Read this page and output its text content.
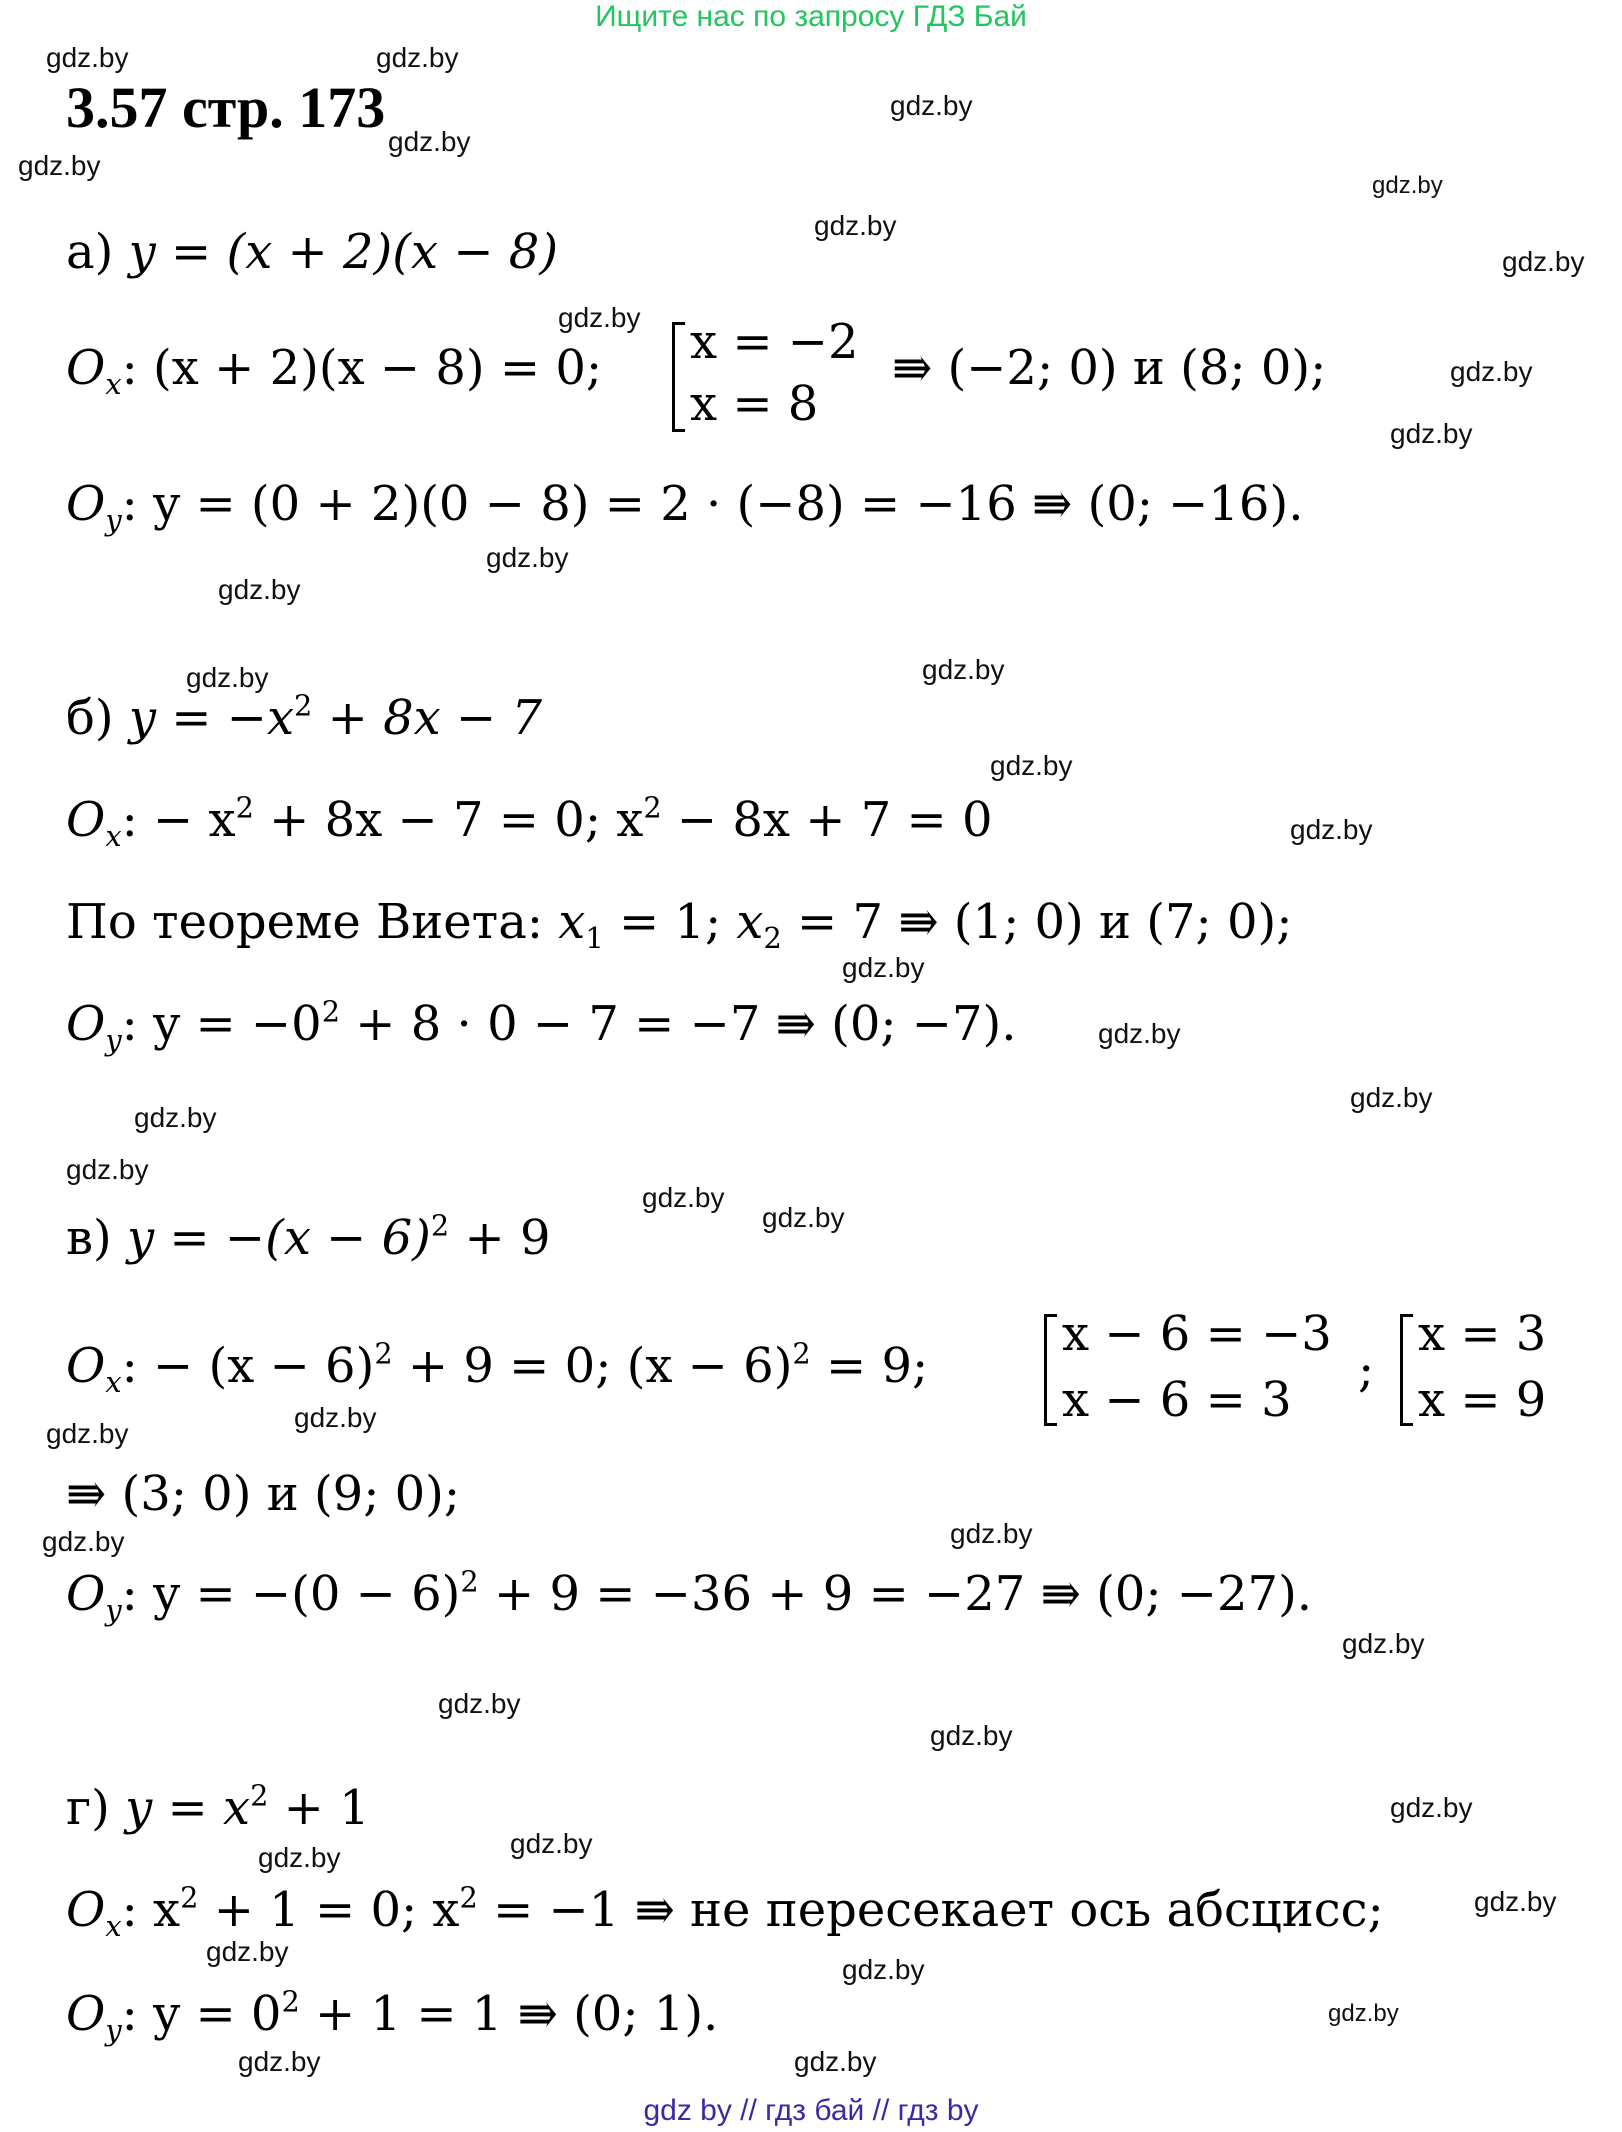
Ищите нас по запросу ГДЗ Бай
3.57 стр. 173
gdz.by	gdz.by
gdz.by
gdz.by
gdz.by
gdz.by
gdz.by
gdz.by
gdz.by
gdz.by
gdz.by
gdz.by
gdz.by
gdz.by	gdz.by
gdz.by
gdz.by
gdz.by
gdz.by
gdz.by
gdz.by
gdz.by
gdz.by
gdz.by
gdz.by
gdz.by
gdz.by	gdz.by
gdz.by
gdz.by
gdz.by
gdz.by
gdz.by	gdz.by
gdz.by
gdz.by
gdz.by
gdz.by
gdz.by	gdz.by
а) y = (x + 2)(x − 8)
$O_x$: (x + 2)(x − 8) = 0; x = −2
x = 8
⇛ (−2; 0) и (8; 0);
$O_y$: y = (0 + 2)(0 − 8) = 2 · (−8) = −16 ⇛ (0; −16).
б) $y = -x^2 + 8x - 7$
$O_x$: − $x^2 + 8x - 7 = 0$; $x^2 - 8x + 7 = 0$
По теореме Виета: $x_1 = 1$; $x_2 = 7$ ⇛ (1; 0) и (7; 0);
$O_y$: $y = -0^2 + 8 \cdot 0 - 7 = -7$ ⇛ (0; −7).
в) $y = -(x - 6)^2 + 9$
$O_x$: − $(x - 6)^2 + 9 = 0$; $(x - 6)^2 = 9$;
x − 6 = −3
x − 6 = 3
;
x = 3
x = 9
⇛ (3; 0) и (9; 0);
$O_y$: $y = -(0 - 6)^2 + 9 = -36 + 9 = -27$ ⇛ (0; −27).
г) $y = x^2 + 1$
$O_x$: $x^2 + 1 = 0$; $x^2 = -1$ ⇛ не пересекает ось абсцисс;
$O_y$: $y = 0^2 + 1 = 1$ ⇛ (0; 1).
gdz by // гдз бай // гдз by
